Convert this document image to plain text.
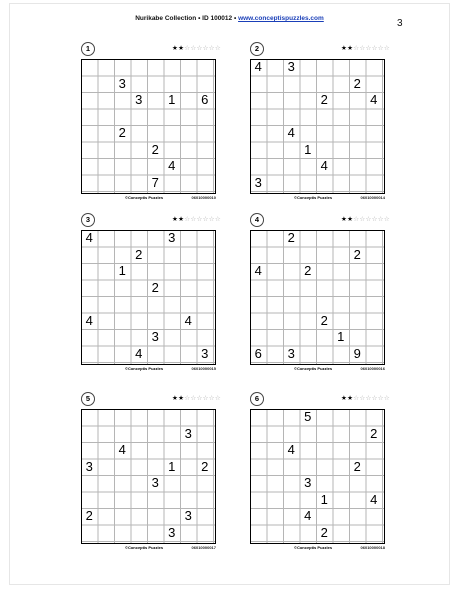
Nurikabe Collection • ID 100012 • www.conceptispuzzles.com	3
1	★★☆☆☆☆☆☆
3
3	1	6
2
2
4
7
©Conceptis Puzzles	06010000010
2	★★☆☆☆☆☆☆
4	3
2
2	4
4
1
4
3
©Conceptis Puzzles	06010000014
3	★★☆☆☆☆☆☆
4	3
2
1
2
4	4
3
4	3
©Conceptis Puzzles	06010000015
4	★★☆☆☆☆☆☆
2
2
4	2
2
1
6	3	9
©Conceptis Puzzles	06010000016
5	★★☆☆☆☆☆☆
3
4
3	1	2
3
2	3
3
©Conceptis Puzzles	06010000017
6	★★☆☆☆☆☆☆
5
2
4
2
3
1	4
4
2
©Conceptis Puzzles	06010000018
